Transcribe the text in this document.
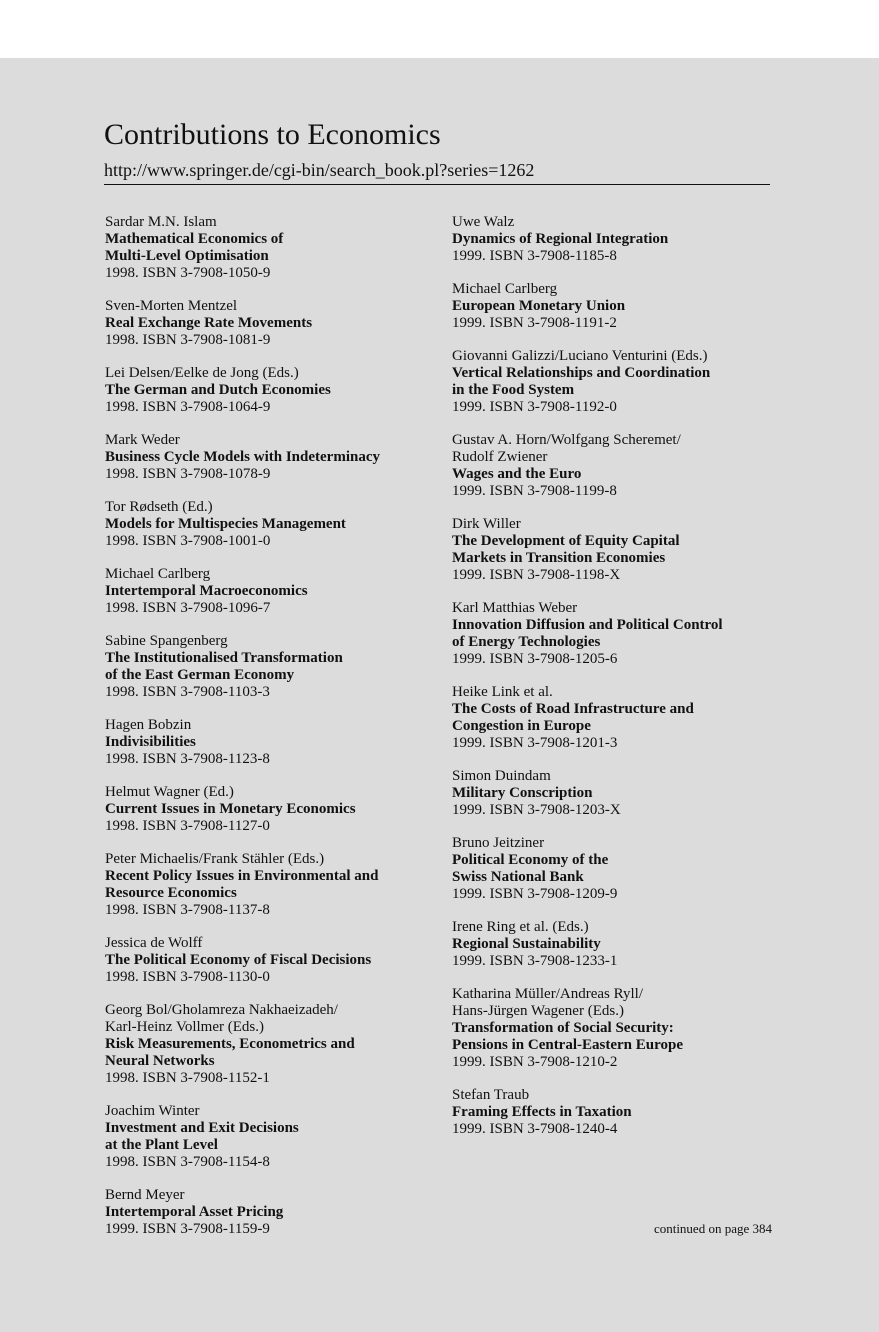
Contributions to Economics
http://www.springer.de/cgi-bin/search_book.pl?series=1262
Sardar M.N. Islam
Mathematical Economics of
Multi-Level Optimisation
1998. ISBN 3-7908-1050-9
Sven-Morten Mentzel
Real Exchange Rate Movements
1998. ISBN 3-7908-1081-9
Lei Delsen/Eelke de Jong (Eds.)
The German and Dutch Economies
1998. ISBN 3-7908-1064-9
Mark Weder
Business Cycle Models with Indeterminacy
1998. ISBN 3-7908-1078-9
Tor Rødseth (Ed.)
Models for Multispecies Management
1998. ISBN 3-7908-1001-0
Michael Carlberg
Intertemporal Macroeconomics
1998. ISBN 3-7908-1096-7
Sabine Spangenberg
The Institutionalised Transformation
of the East German Economy
1998. ISBN 3-7908-1103-3
Hagen Bobzin
Indivisibilities
1998. ISBN 3-7908-1123-8
Helmut Wagner (Ed.)
Current Issues in Monetary Economics
1998. ISBN 3-7908-1127-0
Peter Michaelis/Frank Stähler (Eds.)
Recent Policy Issues in Environmental and
Resource Economics
1998. ISBN 3-7908-1137-8
Jessica de Wolff
The Political Economy of Fiscal Decisions
1998. ISBN 3-7908-1130-0
Georg Bol/Gholamreza Nakhaeizadeh/
Karl-Heinz Vollmer (Eds.)
Risk Measurements, Econometrics and
Neural Networks
1998. ISBN 3-7908-1152-1
Joachim Winter
Investment and Exit Decisions
at the Plant Level
1998. ISBN 3-7908-1154-8
Bernd Meyer
Intertemporal Asset Pricing
1999. ISBN 3-7908-1159-9
Uwe Walz
Dynamics of Regional Integration
1999. ISBN 3-7908-1185-8
Michael Carlberg
European Monetary Union
1999. ISBN 3-7908-1191-2
Giovanni Galizzi/Luciano Venturini (Eds.)
Vertical Relationships and Coordination
in the Food System
1999. ISBN 3-7908-1192-0
Gustav A. Horn/Wolfgang Scheremet/
Rudolf Zwiener
Wages and the Euro
1999. ISBN 3-7908-1199-8
Dirk Willer
The Development of Equity Capital
Markets in Transition Economies
1999. ISBN 3-7908-1198-X
Karl Matthias Weber
Innovation Diffusion and Political Control
of Energy Technologies
1999. ISBN 3-7908-1205-6
Heike Link et al.
The Costs of Road Infrastructure and
Congestion in Europe
1999. ISBN 3-7908-1201-3
Simon Duindam
Military Conscription
1999. ISBN 3-7908-1203-X
Bruno Jeitziner
Political Economy of the
Swiss National Bank
1999. ISBN 3-7908-1209-9
Irene Ring et al. (Eds.)
Regional Sustainability
1999. ISBN 3-7908-1233-1
Katharina Müller/Andreas Ryll/
Hans-Jürgen Wagener (Eds.)
Transformation of Social Security:
Pensions in Central-Eastern Europe
1999. ISBN 3-7908-1210-2
Stefan Traub
Framing Effects in Taxation
1999. ISBN 3-7908-1240-4
continued on page 384
